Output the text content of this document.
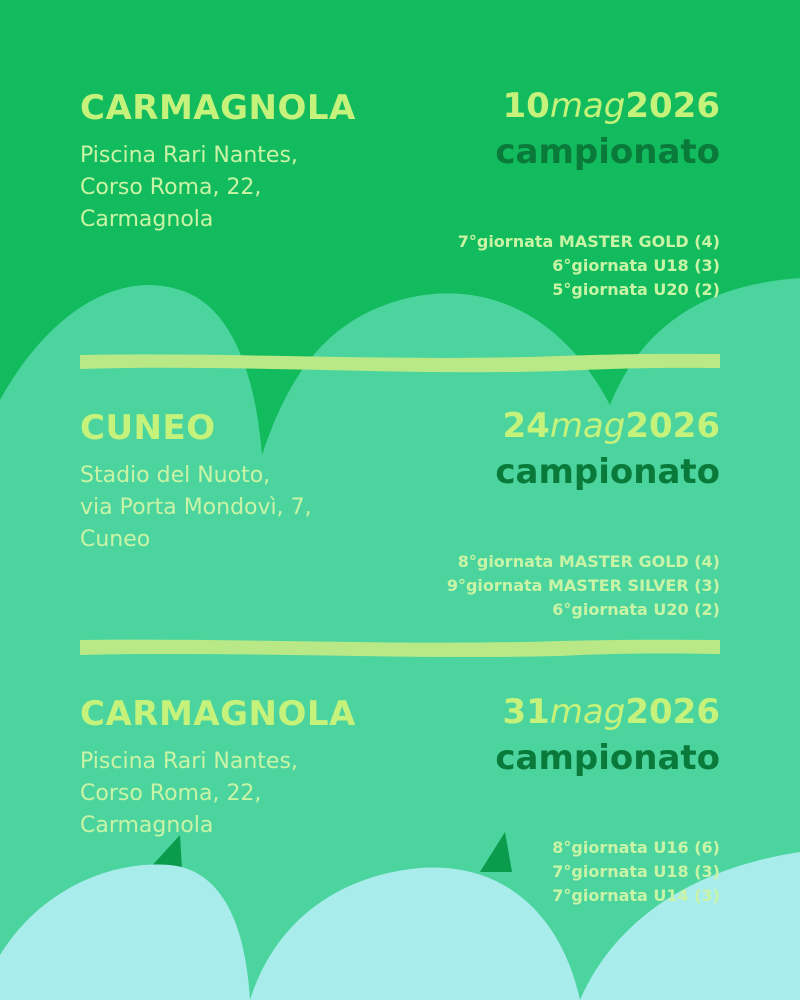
CARMAGNOLA
Piscina Rari Nantes,
Corso Roma, 22,
Carmagnola
10mag2026
campionato
7°giornata MASTER GOLD (4)
6°giornata U18 (3)
5°giornata U20 (2)
CUNEO
Stadio del Nuoto,
via Porta Mondovì, 7,
Cuneo
24mag2026
campionato
8°giornata MASTER GOLD (4)
9°giornata MASTER SILVER (3)
6°giornata U20 (2)
CARMAGNOLA
Piscina Rari Nantes,
Corso Roma, 22,
Carmagnola
31mag2026
campionato
8°giornata U16 (6)
7°giornata U18 (3)
7°giornata U14 (3)
